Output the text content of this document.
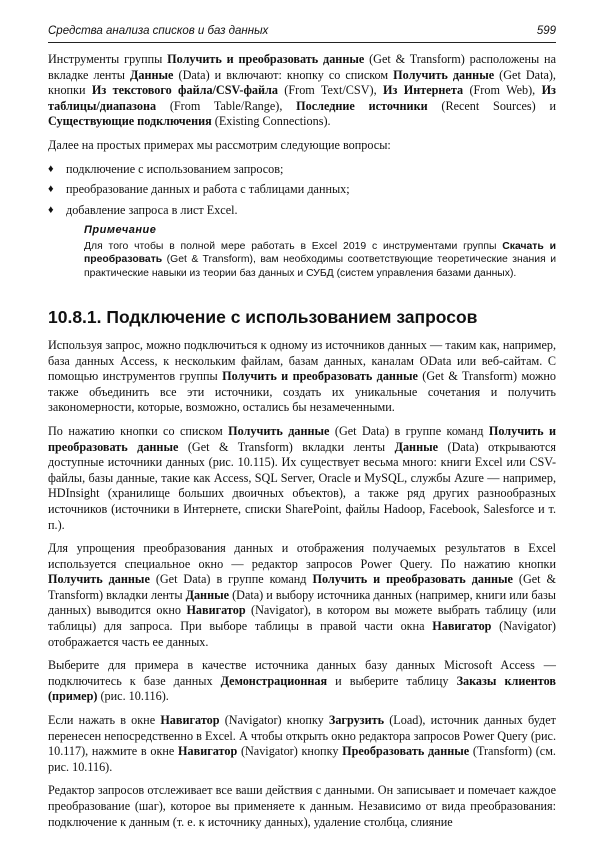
Средства анализа списков и баз данных	599

Инструменты группы Получить и преобразовать данные (Get & Transform) расположены на вкладке ленты Данные (Data) и включают: кнопку со списком Получить данные (Get Data), кнопки Из текстового файла/CSV-файла (From Text/CSV), Из Интернета (From Web), Из таблицы/диапазона (From Table/Range), Последние источники (Recent Sources) и Существующие подключения (Existing Connections).

Далее на простых примерах мы рассмотрим следующие вопросы:

♦ подключение с использованием запросов;
♦ преобразование данных и работа с таблицами данных;
♦ добавление запроса в лист Excel.
Примечание

Для того чтобы в полной мере работать в Excel 2019 с инструментами группы Скачать и преобразовать (Get & Transform), вам необходимы соответствующие теоретические знания и практические навыки из теории баз данных и СУБД (систем управления базами данных).

10.8.1. Подключение с использованием запросов

Используя запрос, можно подключиться к одному из источников данных — таким как, например, база данных Access, к нескольким файлам, базам данных, каналам OData или веб-сайтам. С помощью инструментов группы Получить и преобразовать данные (Get & Transform) можно также объединить все эти источники, создать их уникальные сочетания и получить закономерности, которые, возможно, остались бы незамеченными.

По нажатию кнопки со списком Получить данные (Get Data) в группе команд Получить и преобразовать данные (Get & Transform) вкладки ленты Данные (Data) открываются доступные источники данных (рис. 10.115). Их существует весьма много: книги Excel или CSV-файлы, базы данные, такие как Access, SQL Server, Oracle и MySQL, службы Azure — например, HDInsight (хранилище больших двоичных объектов), а также ряд других разнообразных источников (источники в Интернете, списки SharePoint, файлы Hadoop, Facebook, Salesforce и т. п.).

Для упрощения преобразования данных и отображения получаемых результатов в Excel используется специальное окно — редактор запросов Power Query. По нажатию кнопки Получить данные (Get Data) в группе команд Получить и преобразовать данные (Get & Transform) вкладки ленты Данные (Data) и выбору источника данных (например, книги или базы данных) выводится окно Навигатор (Navigator), в котором вы можете выбрать таблицу (или таблицы) для запроса. При выборе таблицы в правой части окна Навигатор (Navigator) отображается часть ее данных.

Выберите для примера в качестве источника данных базу данных Microsoft Access — подключитесь к базе данных Демонстрационная и выберите таблицу Заказы клиентов (пример) (рис. 10.116).

Если нажать в окне Навигатор (Navigator) кнопку Загрузить (Load), источник данных будет перенесен непосредственно в Excel. А чтобы открыть окно редактора запросов Power Query (рис. 10.117), нажмите в окне Навигатор (Navigator) кнопку Преобразовать данные (Transform) (см. рис. 10.116).

Редактор запросов отслеживает все ваши действия с данными. Он записывает и помечает каждое преобразование (шаг), которое вы применяете к данным. Независимо от вида преобразования: подключение к данным (т. е. к источнику данных), удаление столбца, слияние
